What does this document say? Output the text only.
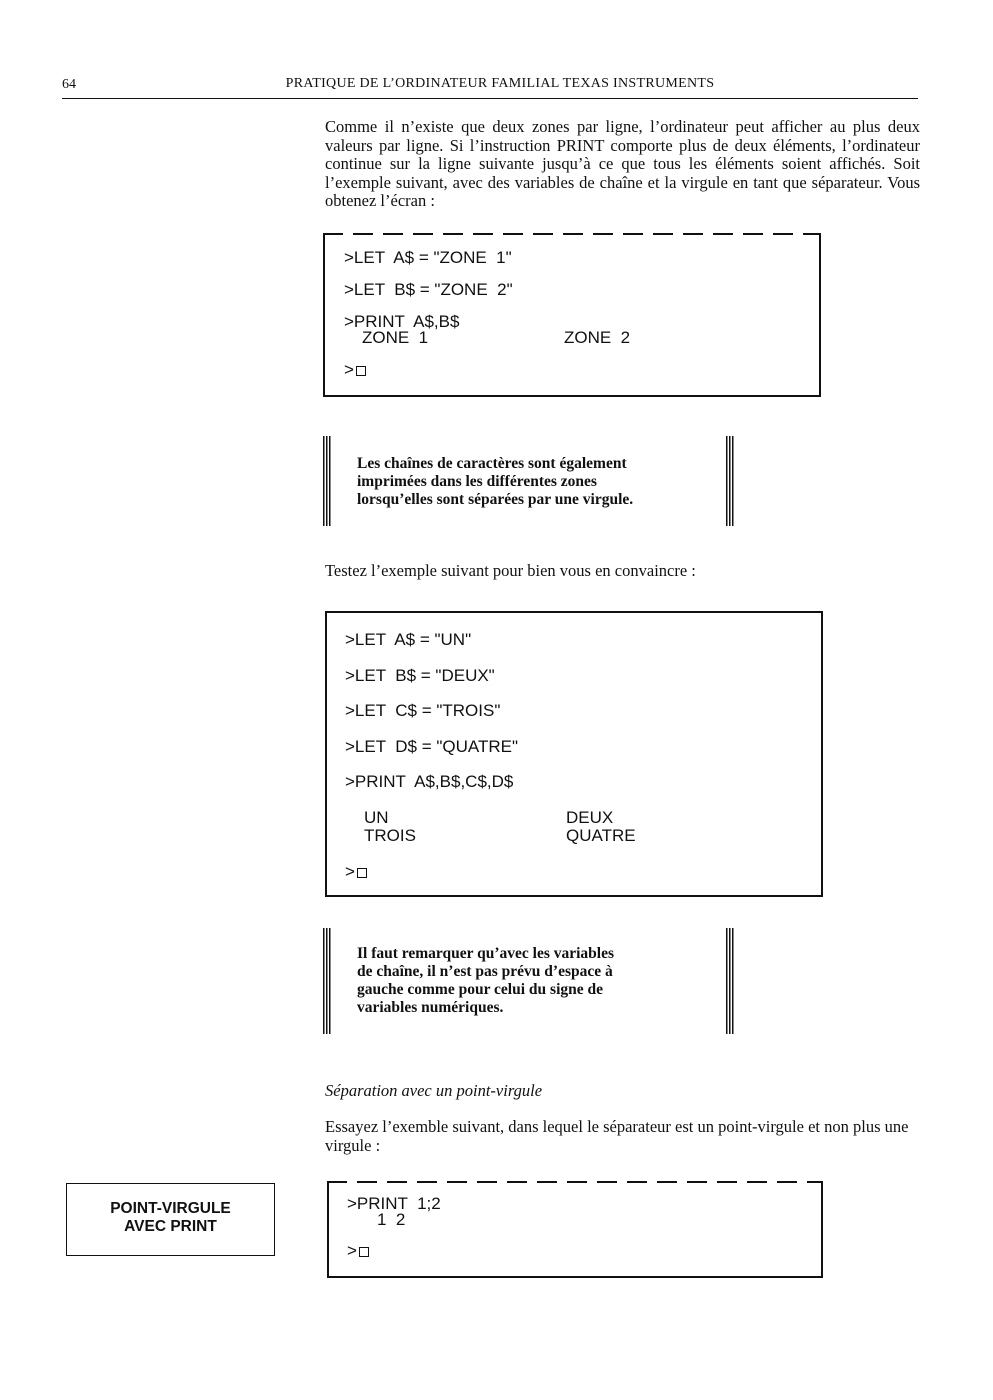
64	PRATIQUE DE L’ORDINATEUR FAMILIAL TEXAS INSTRUMENTS
Comme il n’existe que deux zones par ligne, l’ordinateur peut afficher au plus deux valeurs par ligne. Si l’instruction PRINT comporte plus de deux éléments, l’ordinateur continue sur la ligne suivante jusqu’à ce que tous les éléments soient affichés. Soit l’exemple suivant, avec des variables de chaîne et la virgule en tant que séparateur. Vous obtenez l’écran :
>LET  A$ = "ZONE  1"
>LET  B$ = "ZONE  2"
>PRINT  A$,B$
ZONE  1	ZONE  2
>
Les chaînes de caractères sont également
imprimées dans les différentes zones
lorsqu’elles sont séparées par une virgule.
Testez l’exemple suivant pour bien vous en convaincre :
>LET  A$ = "UN"
>LET  B$ = "DEUX"
>LET  C$ = "TROIS"
>LET  D$ = "QUATRE"
>PRINT  A$,B$,C$,D$
UN	DEUX
TROIS	QUATRE
>
Il faut remarquer qu’avec les variables
de chaîne, il n’est pas prévu d’espace à
gauche comme pour celui du signe de
variables numériques.
Séparation avec un point-virgule
Essayez l’exemble suivant, dans lequel le séparateur est un point-virgule et non plus une virgule :
POINT-VIRGULE
AVEC PRINT
>PRINT  1;2
1  2
>
